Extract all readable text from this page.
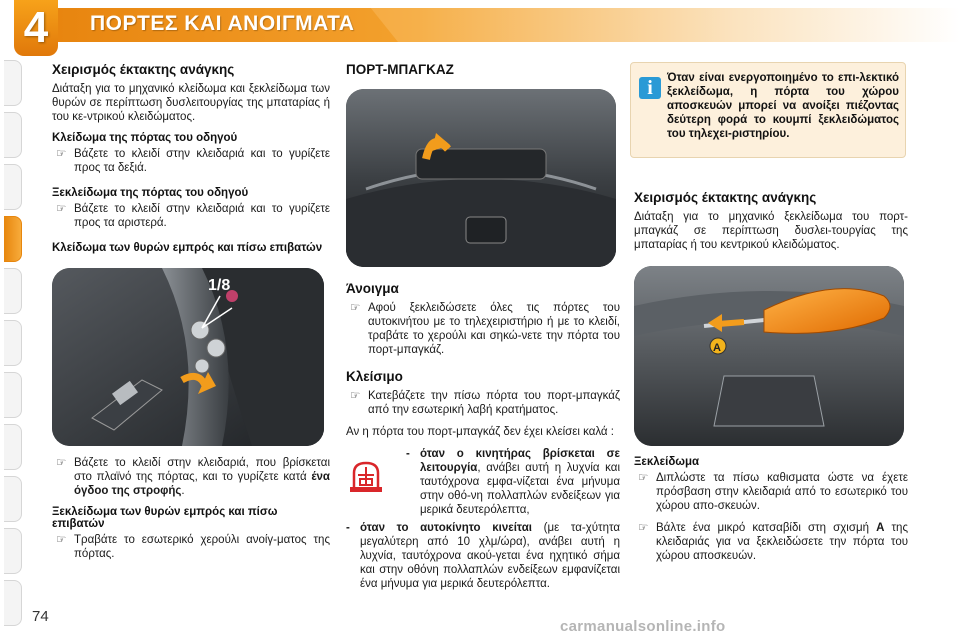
4 ΠΟΡΤΕΣ ΚΑΙ ΑΝΟΙΓΜΑΤΑ
Χειρισμός έκτακτης ανάγκης

Διάταξη για το μηχανικό κλείδωμα και ξεκλείδωμα των θυρών σε περίπτωση δυσλειτουργίας της μπαταρίας ή του κε-ντρικού κλειδώματος.

Κλείδωμα της πόρτας του οδηγού
☞ Βάζετε το κλειδί στην κλειδαριά και το γυρίζετε προς τα δεξιά.
Ξεκλείδωμα της πόρτας του οδηγού
☞ Βάζετε το κλειδί στην κλειδαριά και το γυρίζετε προς τα αριστερά.
Κλείδωμα των θυρών εμπρός και πίσω επιβατών
1/8
☞ Βάζετε το κλειδί στην κλειδαριά, που βρίσκεται στο πλαϊνό της πόρτας, και το γυρίζετε κατά ένα όγδοο της στροφής.
Ξεκλείδωμα των θυρών εμπρός και πίσω επιβατών
☞ Τραβάτε το εσωτερικό χερούλι ανοίγ-ματος της πόρτας.
ΠΟΡΤ-ΜΠΑΓΚΑΖ
Άνοιγμα
☞ Αφού ξεκλειδώσετε όλες τις πόρτες του αυτοκινήτου με το τηλεχειριστήριο ή με το κλειδί, τραβάτε το χερούλι και σηκώ-νετε την πόρτα του πορτ-μπαγκάζ.
Κλείσιμο
☞ Κατεβάζετε την πίσω πόρτα του πορτ-μπαγκάζ από την εσωτερική λαβή κρατήματος.

Αν η πόρτα του πορτ-μπαγκάζ δεν έχει κλείσει καλά :

- όταν ο κινητήρας βρίσκεται σε λειτουργία, ανάβει αυτή η λυχνία και ταυτόχρονα εμφα-νίζεται ένα μήνυμα στην οθό-νη πολλαπλών ενδείξεων για μερικά δευτερόλεπτα,
- όταν το αυτοκίνητο κινείται (με τα-χύτητα μεγαλύτερη από 10 χλμ/ώρα), ανάβει αυτή η λυχνία, ταυτόχρονα ακού-γεται ένα ηχητικό σήμα και στην οθόνη πολλαπλών ενδείξεων εμφανίζεται ένα μήνυμα για μερικά δευτερόλεπτα.
i	Όταν είναι ενεργοποιημένο το επι-λεκτικό ξεκλείδωμα, η πόρτα του χώρου αποσκευών μπορεί να ανοίξει πιέζοντας δεύτερη φορά το κουμπί ξεκλειδώματος του τηλεχει-ριστηρίου.
Χειρισμός έκτακτης ανάγκης

Διάταξη για το μηχανικό ξεκλείδωμα του πορτ-μπαγκάζ σε περίπτωση δυσλει-τουργίας της μπαταρίας ή του κεντρικού κλειδώματος.

A
Ξεκλείδωμα
☞ Διπλώστε τα πίσω καθισματα ώστε να έχετε πρόσβαση στην κλειδαριά από το εσωτερικό του χώρου απο-σκευών.
☞ Βάλτε ένα μικρό κατσαβίδι στη σχισμή A της κλειδαριάς για να ξεκλειδώσετε την πόρτα του χώρου αποσκευών.
74
carmanualsonline.info
